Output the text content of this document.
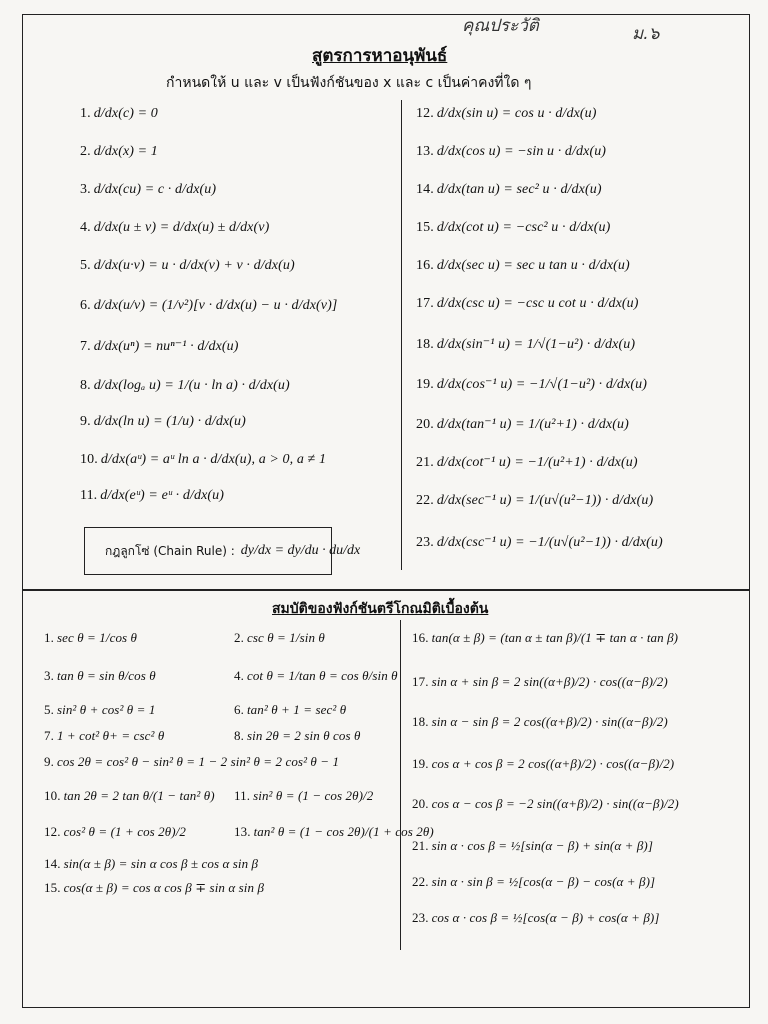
คุณประวัติ	ม.๖
สูตรการหาอนุพันธ์
กำหนดให้ u และ v เป็นฟังก์ชันของ x และ c เป็นค่าคงที่ใด ๆ
1. d/dx(c) = 0
2. d/dx(x) = 1
3. d/dx(cu) = c · d/dx(u)
4. d/dx(u ± v) = d/dx(u) ± d/dx(v)
5. d/dx(u·v) = u · d/dx(v) + v · d/dx(u)
6. d/dx(u/v) = (1/v²)[v · d/dx(u) − u · d/dx(v)]
7. d/dx(uⁿ) = nuⁿ⁻¹ · d/dx(u)
8. d/dx(logₐ u) = 1/(u · ln a) · d/dx(u)
9. d/dx(ln u) = (1/u) · d/dx(u)
10. d/dx(aᵘ) = aᵘ ln a · d/dx(u), a > 0, a ≠ 1
11. d/dx(eᵘ) = eᵘ · d/dx(u)
กฎลูกโซ่ (Chain Rule) : dy/dx = dy/du · du/dx
12. d/dx(sin u) = cos u · d/dx(u)
13. d/dx(cos u) = −sin u · d/dx(u)
14. d/dx(tan u) = sec² u · d/dx(u)
15. d/dx(cot u) = −csc² u · d/dx(u)
16. d/dx(sec u) = sec u tan u · d/dx(u)
17. d/dx(csc u) = −csc u cot u · d/dx(u)
18. d/dx(sin⁻¹ u) = 1/√(1−u²) · d/dx(u)
19. d/dx(cos⁻¹ u) = −1/√(1−u²) · d/dx(u)
20. d/dx(tan⁻¹ u) = 1/(u²+1) · d/dx(u)
21. d/dx(cot⁻¹ u) = −1/(u²+1) · d/dx(u)
22. d/dx(sec⁻¹ u) = 1/(u√(u²−1)) · d/dx(u)
23. d/dx(csc⁻¹ u) = −1/(u√(u²−1)) · d/dx(u)
สมบัติของฟังก์ชันตรีโกณมิติเบื้องต้น
1. sec θ = 1/cos θ	2. csc θ = 1/sin θ
3. tan θ = sin θ/cos θ	4. cot θ = 1/tan θ = cos θ/sin θ
5. sin² θ + cos² θ = 1	6. tan² θ + 1 = sec² θ
7. 1 + cot² θ+ = csc² θ	8. sin 2θ = 2 sin θ cos θ
9. cos 2θ = cos² θ − sin² θ = 1 − 2 sin² θ = 2 cos² θ − 1
10. tan 2θ = 2 tan θ/(1 − tan² θ) 11. sin² θ = (1 − cos 2θ)/2
12. cos² θ = (1 + cos 2θ)/2	13. tan² θ = (1 − cos 2θ)/(1 + cos 2θ)
14. sin(α ± β) = sin α cos β ± cos α sin β
15. cos(α ± β) = cos α cos β ∓ sin α sin β
16. tan(α ± β) = (tan α ± tan β)/(1 ∓ tan α · tan β)
17. sin α + sin β = 2 sin((α+β)/2) · cos((α−β)/2)
18. sin α − sin β = 2 cos((α+β)/2) · sin((α−β)/2)
19. cos α + cos β = 2 cos((α+β)/2) · cos((α−β)/2)
20. cos α − cos β = −2 sin((α+β)/2) · sin((α−β)/2)
21. sin α · cos β = ½[sin(α − β) + sin(α + β)]
22. sin α · sin β = ½[cos(α − β) − cos(α + β)]
23. cos α · cos β = ½[cos(α − β) + cos(α + β)]
